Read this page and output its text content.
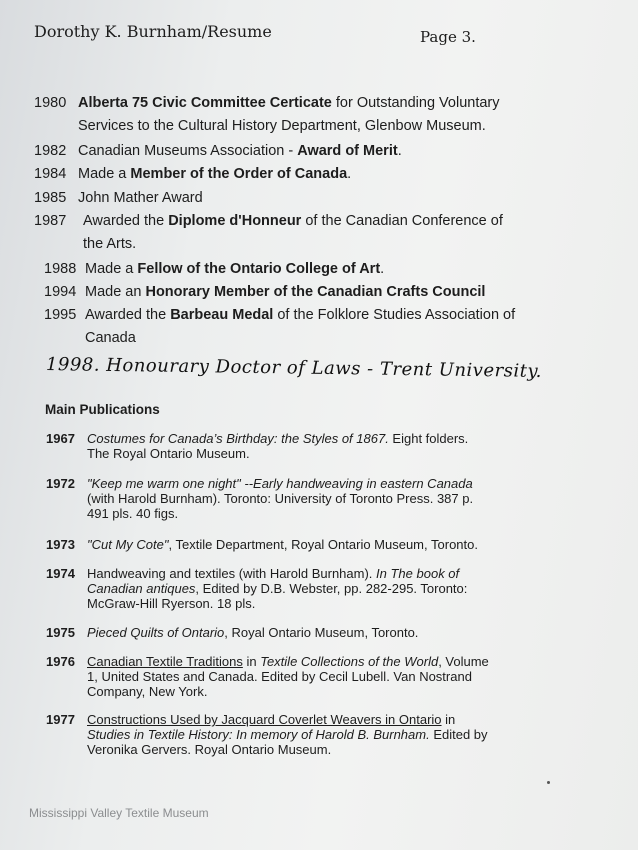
Dorothy K. Burnham/Resume	Page 3.
1980 Alberta 75 Civic Committee Certicate for Outstanding Voluntary
Services to the Cultural History Department, Glenbow Museum.
1982 Canadian Museums Association - Award of Merit.
1984 Made a Member of the Order of Canada.
1985 John Mather Award
1987 Awarded the Diplome d'Honneur of the Canadian Conference of
the Arts.
1988 Made a Fellow of the Ontario College of Art.
1994 Made an Honorary Member of the Canadian Crafts Council
1995 Awarded the Barbeau Medal of the Folklore Studies Association of
Canada
1998. Honourary Doctor of Laws - Trent University.
Main Publications
1967 Costumes for Canada’s Birthday: the Styles of 1867. Eight folders.
The Royal Ontario Museum.
1972 "Keep me warm one night" --Early handweaving in eastern Canada
(with Harold Burnham). Toronto: University of Toronto Press. 387 p.
491 pls. 40 figs.
1973 "Cut My Cote", Textile Department, Royal Ontario Museum, Toronto.
1974 Handweaving and textiles (with Harold Burnham). In The book of
Canadian antiques, Edited by D.B. Webster, pp. 282-295. Toronto:
McGraw-Hill Ryerson. 18 pls.
1975 Pieced Quilts of Ontario, Royal Ontario Museum, Toronto.
1976 Canadian Textile Traditions in Textile Collections of the World, Volume
1, United States and Canada. Edited by Cecil Lubell. Van Nostrand
Company, New York.
1977 Constructions Used by Jacquard Coverlet Weavers in Ontario in
Studies in Textile History: In memory of Harold B. Burnham. Edited by
Veronika Gervers. Royal Ontario Museum.
Mississippi Valley Textile Museum
